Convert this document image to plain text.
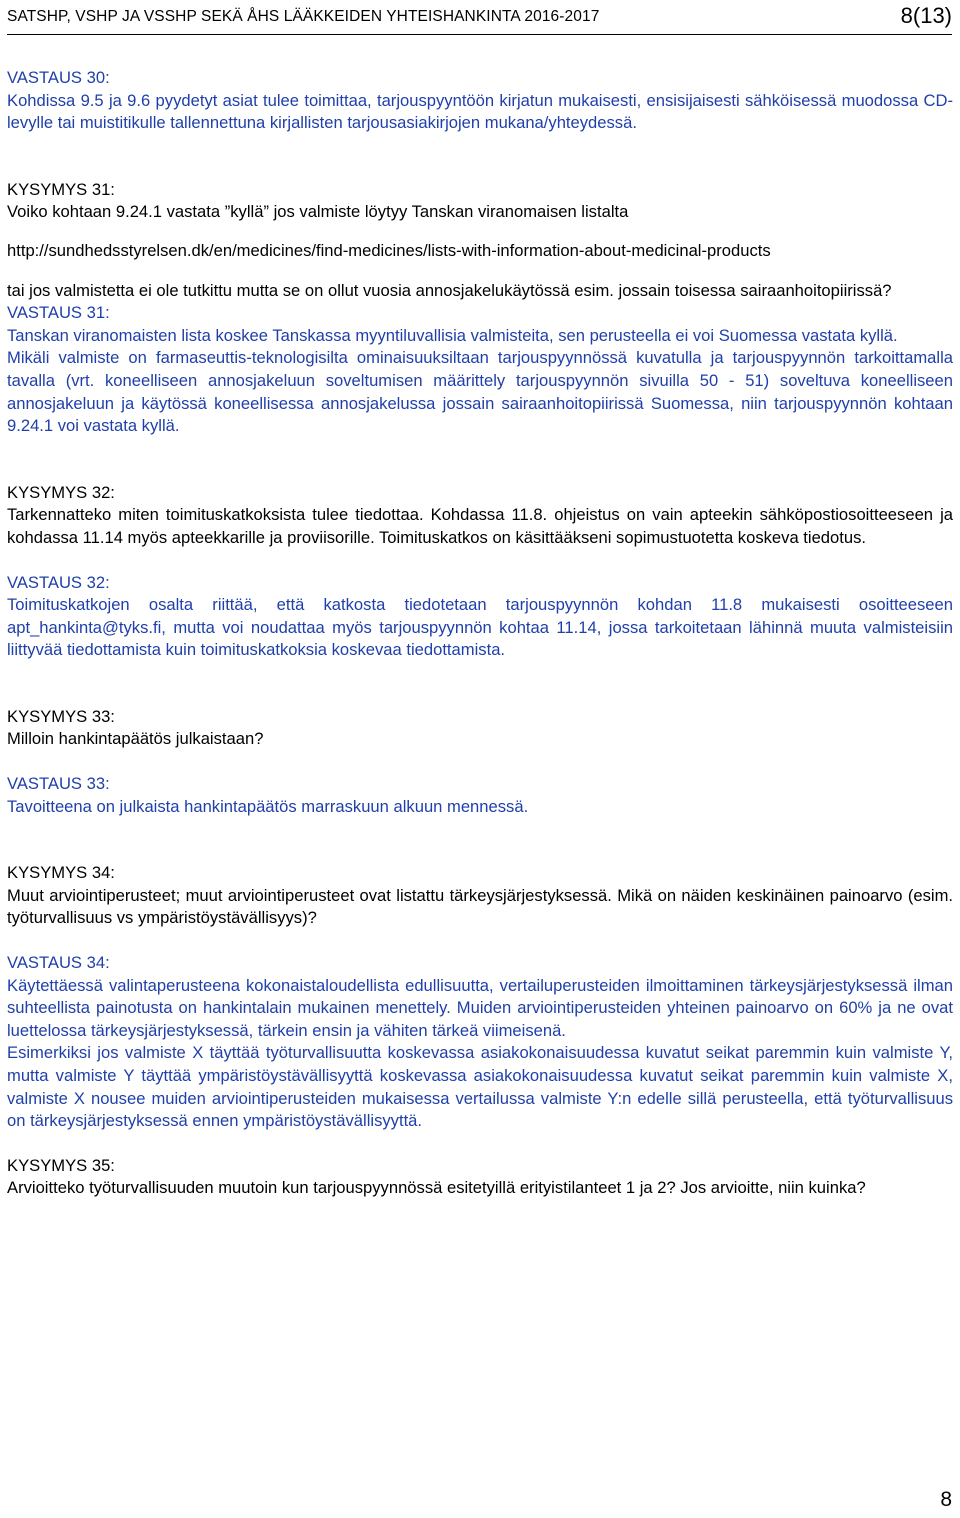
SATSHP, VSHP JA VSSHP SEKÄ ÅHS LÄÄKKEIDEN YHTEISHANKINTA 2016-2017	8(13)

VASTAUS 30:

Kohdissa 9.5 ja 9.6 pyydetyt asiat tulee toimittaa, tarjouspyyntöön kirjatun mukaisesti, ensisijaisesti sähköisessä muodossa CD-levylle tai muistitikulle tallennettuna kirjallisten tarjousasiakirjojen mukana/yhteydessä.

KYSYMYS 31:

Voiko kohtaan 9.24.1 vastata ”kyllä” jos valmiste löytyy Tanskan viranomaisen listalta

http://sundhedsstyrelsen.dk/en/medicines/find-medicines/lists-with-information-about-medicinal-products

tai jos valmistetta ei ole tutkittu mutta se on ollut vuosia annosjakelukäytössä esim. jossain toisessa sairaanhoitopiirissä?

VASTAUS 31:

Tanskan viranomaisten lista koskee Tanskassa myyntiluvallisia valmisteita, sen perusteella ei voi Suomessa vastata kyllä.

Mikäli valmiste on farmaseuttis-teknologisilta ominaisuuksiltaan tarjouspyynnössä kuvatulla ja tarjouspyynnön tarkoittamalla tavalla (vrt. koneelliseen annosjakeluun soveltumisen määrittely tarjouspyynnön sivuilla 50 - 51) soveltuva koneelliseen annosjakeluun ja käytössä koneellisessa annosjakelussa jossain sairaanhoitopiirissä Suomessa, niin tarjouspyynnön kohtaan 9.24.1 voi vastata kyllä.

KYSYMYS 32:

Tarkennatteko miten toimituskatkoksista tulee tiedottaa. Kohdassa 11.8. ohjeistus on vain apteekin sähköpostiosoitteeseen ja kohdassa 11.14 myös apteekkarille ja proviisorille. Toimituskatkos on käsittääkseni sopimustuotetta koskeva tiedotus.

VASTAUS 32:

Toimituskatkojen osalta riittää, että katkosta tiedotetaan tarjouspyynnön kohdan 11.8 mukaisesti osoitteeseen apt_hankinta@tyks.fi, mutta voi noudattaa myös tarjouspyynnön kohtaa 11.14, jossa tarkoitetaan lähinnä muuta valmisteisiin liittyvää tiedottamista kuin toimituskatkoksia koskevaa tiedottamista.

KYSYMYS 33:

Milloin hankintapäätös julkaistaan?

VASTAUS 33:

Tavoitteena on julkaista hankintapäätös marraskuun alkuun mennessä.

KYSYMYS 34:

Muut arviointiperusteet; muut arviointiperusteet ovat listattu tärkeysjärjestyksessä. Mikä on näiden keskinäinen painoarvo (esim. työturvallisuus vs ympäristöystävällisyys)?

VASTAUS 34:

Käytettäessä valintaperusteena kokonaistaloudellista edullisuutta, vertailuperusteiden ilmoittaminen tärkeysjärjestyksessä ilman suhteellista painotusta on hankintalain mukainen menettely. Muiden arviointiperusteiden yhteinen painoarvo on 60% ja ne ovat luettelossa tärkeysjärjestyksessä, tärkein ensin ja vähiten tärkeä viimeisenä.

Esimerkiksi jos valmiste X täyttää työturvallisuutta koskevassa asiakokonaisuudessa kuvatut seikat paremmin kuin valmiste Y, mutta valmiste Y täyttää ympäristöystävällisyyttä koskevassa asiakokonaisuudessa kuvatut seikat paremmin kuin valmiste X, valmiste X nousee muiden arviointiperusteiden mukaisessa vertailussa valmiste Y:n edelle sillä perusteella, että työturvallisuus on tärkeysjärjestyksessä ennen ympäristöystävällisyyttä.

KYSYMYS 35:

Arvioitteko työturvallisuuden muutoin kun tarjouspyynnössä esitetyillä erityistilanteet 1 ja 2? Jos arvioitte, niin kuinka?

8
